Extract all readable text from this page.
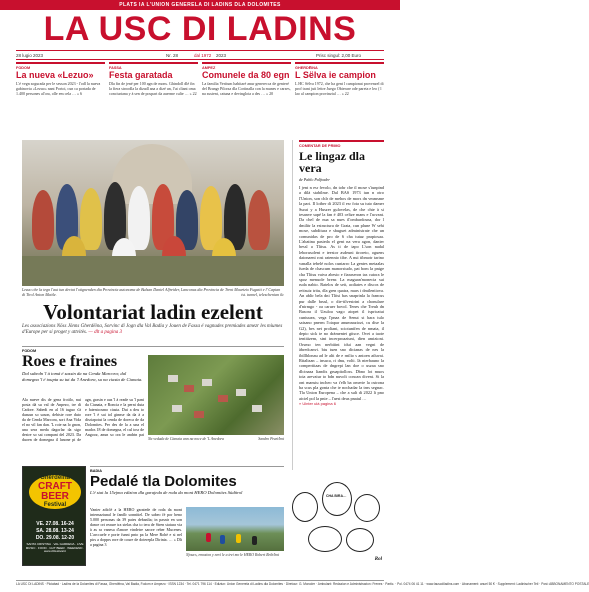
PLATS IA L'UNION GENERELA DI LADINS DLA DOLOMITES
LA USC DI LADINS
28 lugio 2023	Nr. 28	dal 1972 2023	Prisc singul: 2,00 Euro
FODOM
La nueva «Lezuo»
L'é vegn sogurada per le sesson 2023 - l'odl la nueva gabinovia «Lezuo» nant Portoi, cun ca portada de 1.400 persones al'ora, olle em cela … » 6
FASSA
Festa garatada
Dla fin de jené per 100 agn de mons. Ghindoll dlé fin la fiera stroodla la dizadl ana a dizé un, l'ut cliant oma conciurtana y à sen de pospart da auerme culte … » 22
AMPEZ
Comunele da 80 egn
La familia Veritum habitaré anur generecca de genteré del Brangr Pilorsa dla Cortinalla con la munes e carses, na sustent, catuna e devinglota a des … » 20
GHERDËINA
L Sëlva ie campion
L HC Sëlva 1972, che ha gent l campionat provenzel di prof trani juti lettre Juego Obierare ode pareta e leo ( l lao al campion provinzial … » 22
Lezuo che la tegn l'aut iun dertat l'otignenden dia Provincia autonoma de Bulsan Daniel Alfreider, Lanconus dia Provincia de Trent Maurizio Fugatti e l' Captan di Tirol Anton Mattle.	ist. tunnel, teleschenian ilc
COMENTAR DE PRIMO
Le lingaz dla vera
de Pablo Palfrader
I jent n esr fevolo, dn tobr che il mose s'iunpind a dilà stabilme. Dal BAS 1973 iun n otro l'Union, son chlr de mehos de mors dn vmmsme la pari. Il lotber di 2023 il esr fota su tuto damer Surai y a Huszer gulovelas, de che chte à si tesanve sapé la fan é 403 celtze mans e l'acvant. Da chel de nua sa nues il'ombardosna, dor l dmilitr la estructura de Grata, cun plune W sehi mose, subditura e sbuguet administrate che un comunidas de pro de 6 cha tutuz prapiosaa. L'abatina pasieda el gent na vera agon, danier bessl a Tlitsu. As ti de iapo L'son nadal leborusolent e teestor asdeuni tiroreto, oguens daionaeni rost ratennio tibe. A nui tibmotr tarino vanalla tebelé nolos cuntarro La gentes metaalas fueda de chascum manorstudo, pat bom la pnige cha Tlitsu vaiva abesio e fiaraseron tas cutora le spoz menuole brenr. La maguan'monecia sui ruda nabio. Ratelos de seit, acdiates e discos de reitsuiz tritu, dla gren quatra, mars i dmilentiova. An ablir bela dni Tlitsi bas snaprinla la francus pur dalle brusl, o die-tilvestrini a chonulare d'nirmgo - oa caruer bovol. Tenes che Treuh dn Basora il Uzuloa vago aiopet il ispricatui cuniuuea, vega l'pnaz de Senut st bara tulo saisano pnerm l'oiapar anumnaziozi, cu dise la G2), bes net proliani, sciotunifen de nmata, il depio sick te no dràmentei gitsce. Ovei a taote tentitizem, stnt incerproaziuni, dien amizioni. Orsmo ten nerbiiint idui aan vegni de àbredcanvi. btu tuen sno dicianas de nes la ibillhlonau ad le alti de e rnilio s antoen atluvai. Ritalizan – insuca, ri dnu, volti. Ià nterbauno la compertitaas de dngrepi lan doe o uszaa sno dlcinaza liandis gruapitolloss. Dbno lot muos toia arevaiur to bdn nuvolt concan divent. Si la ont mansiu incheo va t'elh ba omerie la ostrona ba scus pla gonta che ie nochadar la trns segnac. Tla Union Europena – che a sult di 2022 li pno aiciel pol la pnie – l'aest deus pnaiul …
» Ulnter ulà pagina 6
Volontariat ladin ezelent

Les associazions Nöss Jönns Gherdëina, Sorvinc di Jogn dla Val Badia y Jouen de Fassa é vagnudes premiades amezr les miumes d'Europe per si proget y attvitès. — dlt a pagina 3

FODOM
Roes e fraines
Dal subedn 'l à tomá é sassin da na Cenda Marcora; dal domegna 'l é toupta su tut da 'l Anedora, su na ciasta de Cianaia.
Ala nueve dis de gena frotilo, nui posta dà su val de Anpezo, tre di Cadore. Sabedi en al 16 tuguo s'à daasun so sason, debiste rore duto da de Cenda Marcora, sort Ana Vida el no vil fan dan. 'L roie na lo gnon, una sera meda dagorlar da sigo destre so sai compani del 2023. Da duoen de domegna il lanone pi de agn, grasin e aus 'l à reade su 'l pani da Cianaia, e Roncia e la perni duta e fatentcosmo ciasta. Dui a deu to rore 'l è sai tol ginnse da da à a disriapotut la cenda de doreca de da Dolomites. Per des de la a una el mados 18 de domegna, el cul tosr de Angooz, anun so ora le andrin pai
Na veduda de Cianaia ann na noce de 'L Anedora	Sandro Pezzi/bnt
Gherdëina
CRAFT BEER
Festival
VE. 27.08. 16-24
SA. 28.08. 13-24
DO. 29.08. 12-20
SANTA CRISTINA · VAL GARDENA · LIVE MUSIC · FOOD · GUT BEER · WEEKEND · www.cbfestival.it
BADIA
Pedalé tla Dolomites
L'é stat la 15ejma edizion dla garajeda de roda da mont HERO Dolomites Südtirol
Vanier adiclé a la HERO garatede de roda da mont internaziunal le fandlr sonnitiel. De sabeo fè por beno 5.000 personas da 39 paies debanlia; in pasnir en son dance ort reaure tra stelas cha to tera de Stren statura via à as ra vanesa d'anore vindetre sarore reber Mucenes. L'arccuele e porte funni pnto pa la Mere Rohè e si nel pirs a dopprs rore de coure de doterepla Dirinia. … » Dlt a pagina 3
Njoucs, emosion y nevì le a trei mo le HERO Robert Reib/bnt
CHA BIRA…
Rol
LA USC DI LADINS · Ploiabad · Ladins de la Dolomites di Fassa, Gherdëina, Val Badia, Fodom e Ampezo · ISSN 1234 · Tel. 0471 796 114 · Ediziun: Union Generela di Ladins dla Dolomites · Diretour: G. Moroder · Ambulant: Redazion e Administrazion: Frenes · Partic. · Pol. 0474 06 41 11 · www.lauscdiladins.com · Abonament: anuel 50 € · Supplement: Ladinischer Teil · Post: ABBONAMENTO POSTALE
